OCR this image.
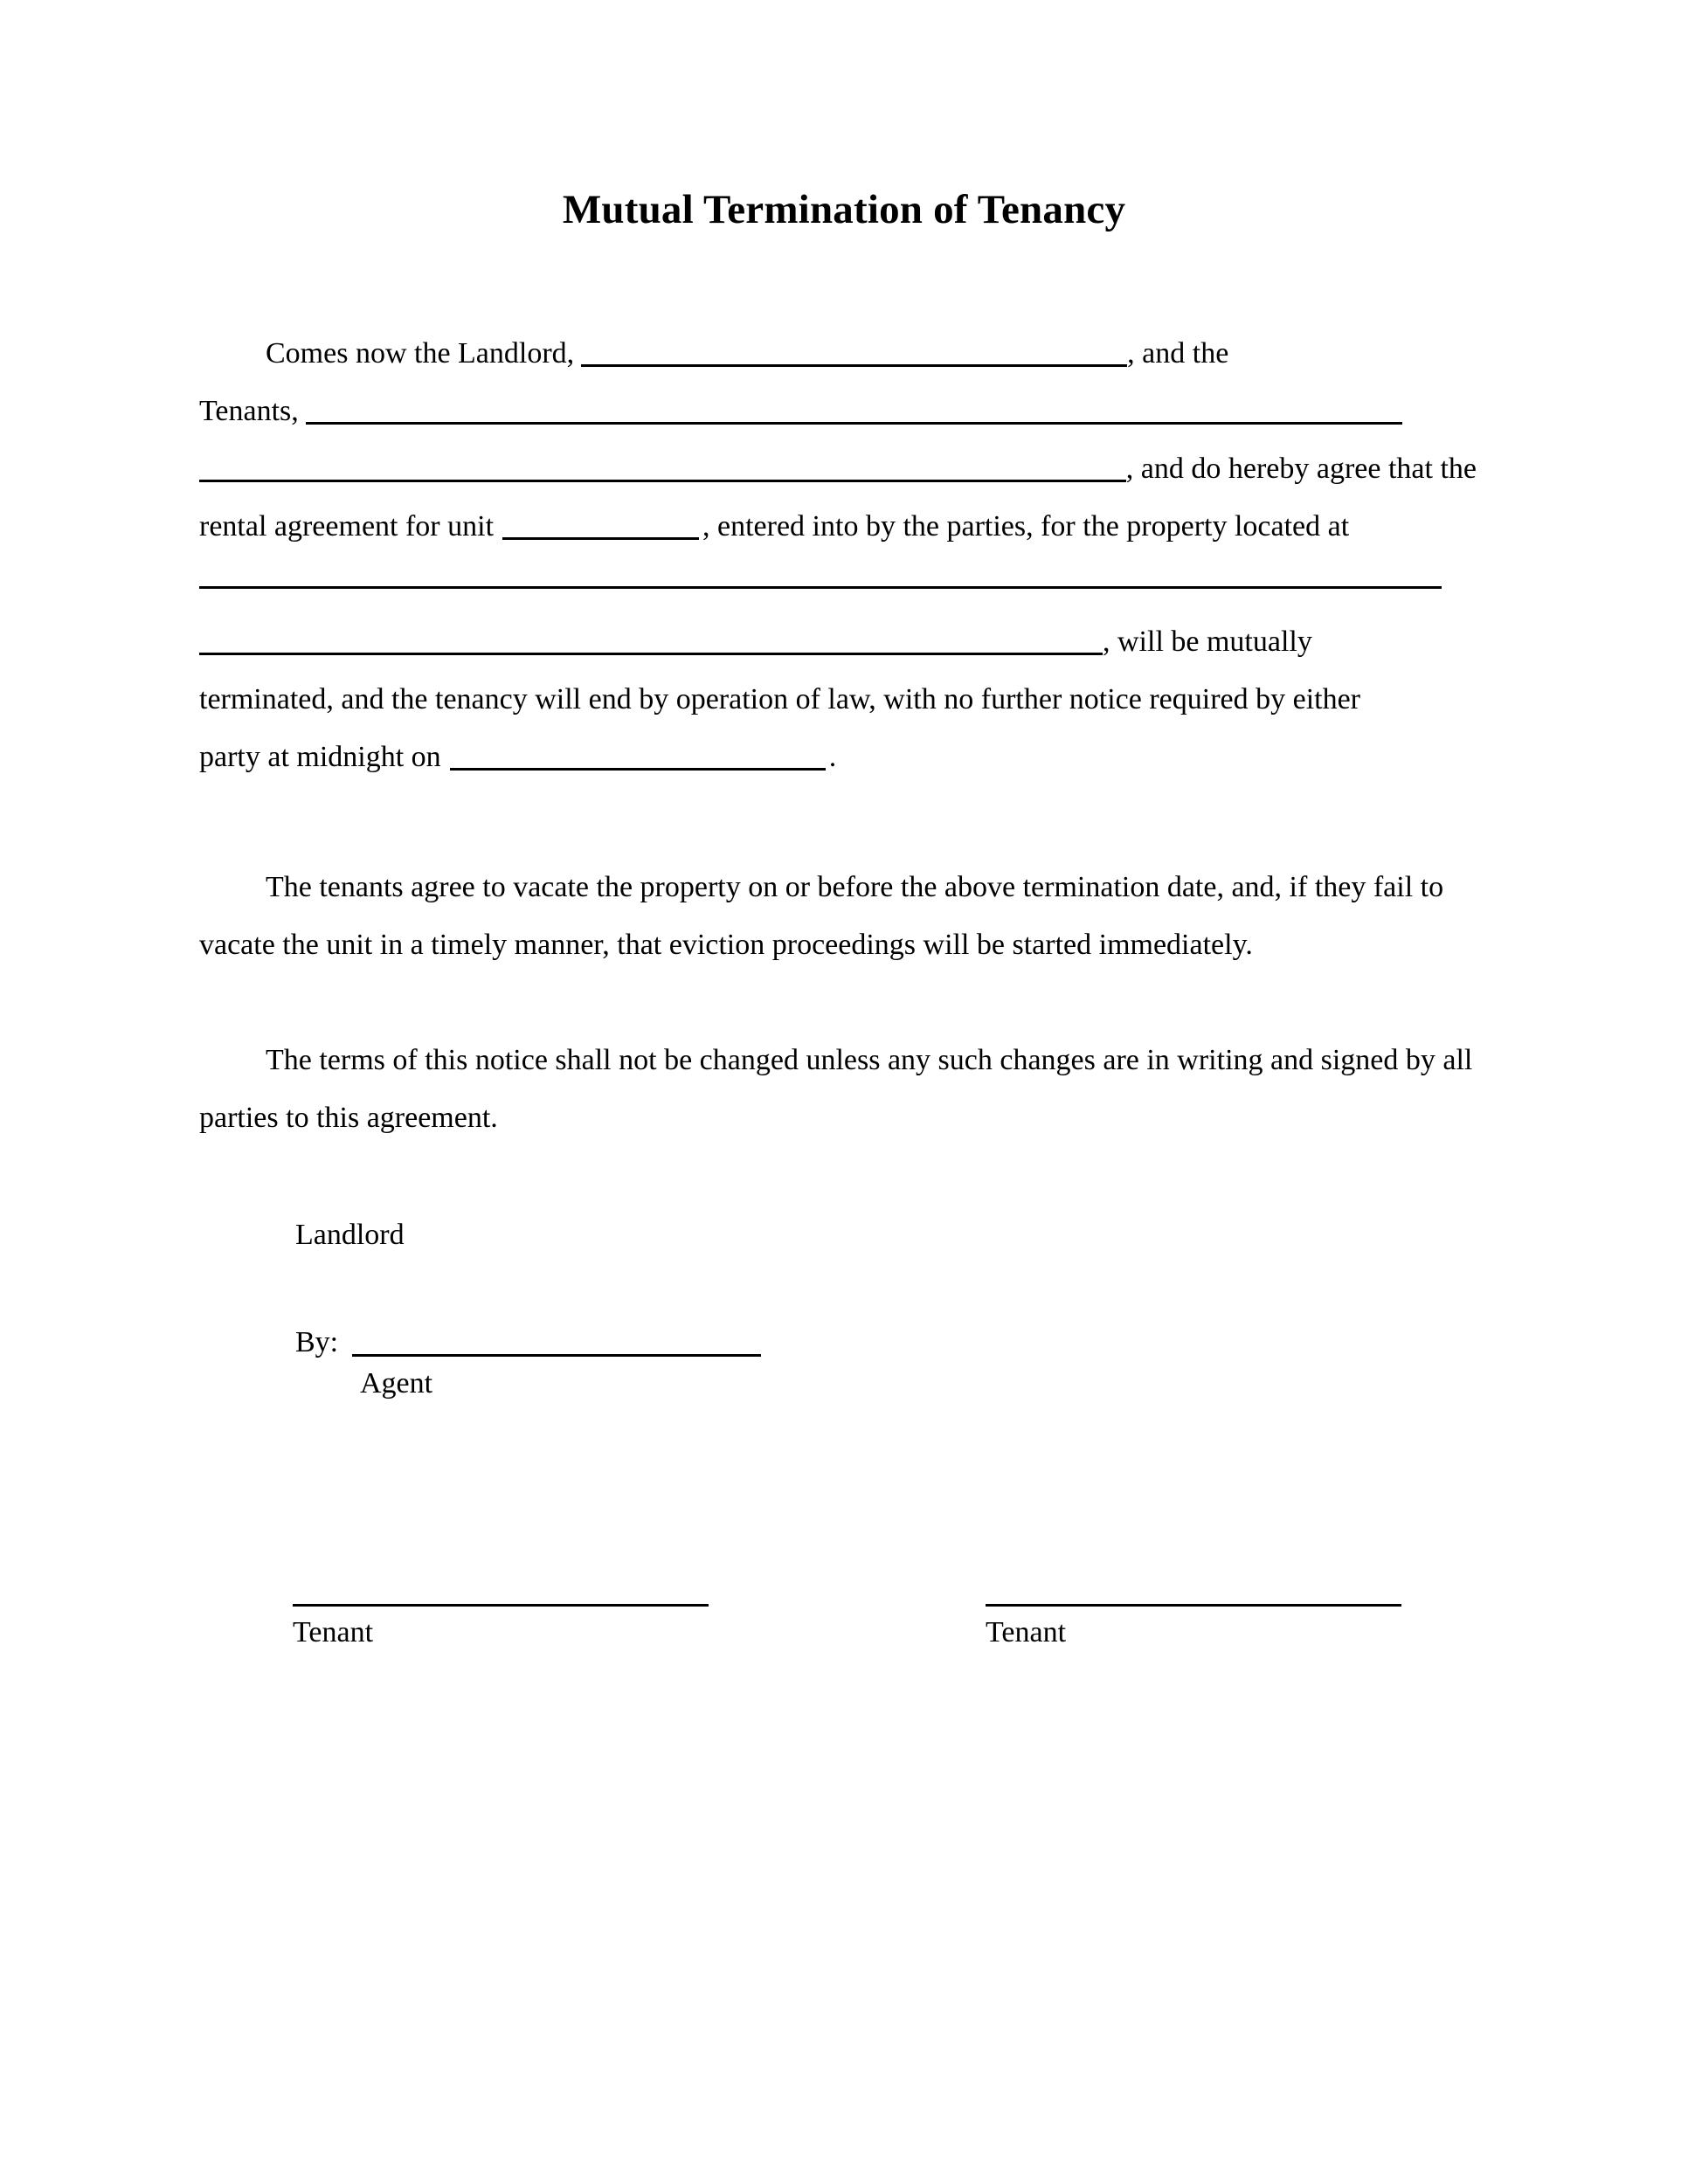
Mutual Termination of Tenancy
Comes now the Landlord,	, and the
Tenants,
, and do hereby agree that the
rental agreement for unit	, entered into by the parties, for the property located at
, will be mutually
terminated, and the tenancy will end by operation of law, with no further notice required by either
party at midnight on	.
The tenants agree to vacate the property on or before the above termination date, and, if they fail to vacate the unit in a timely manner, that eviction proceedings will be started immediately.
The terms of this notice shall not be changed unless any such changes are in writing and signed by all parties to this agreement.
Landlord
By:
Agent
Tenant	Tenant
